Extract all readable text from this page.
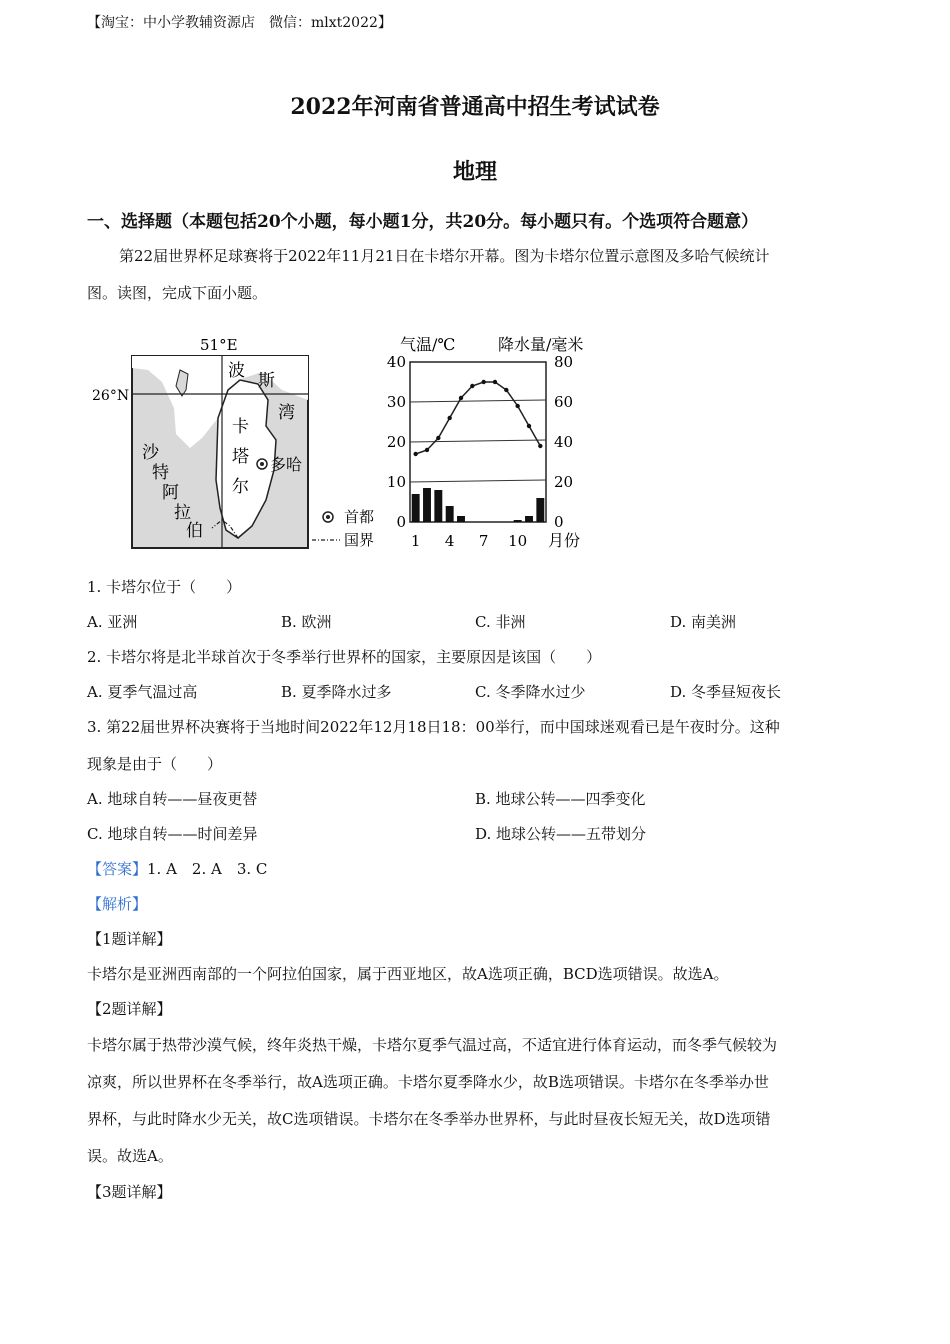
【淘宝：中小学教辅资源店　微信：mlxt2022】
2022年河南省普通高中招生考试试卷
地理
一、选择题（本题包括20个小题，每小题1分，共20分。每小题只有。个选项符合题意）
第22届世界杯足球赛将于2022年11月21日在卡塔尔开幕。图为卡塔尔位置示意图及多哈气候统计
图。读图，完成下面小题。
51°E
26°N
波 斯
湾
卡
塔
尔
沙
特
阿
拉
伯
多哈
首都
国界
气温/℃	降水量/毫米
0
10
20
30
40
0
20
40
60
80
1 4 7 10 月份
1. 卡塔尔位于（　　）
A. 亚洲	B. 欧洲	C. 非洲	D. 南美洲
2. 卡塔尔将是北半球首次于冬季举行世界杯的国家，主要原因是该国（　　）
A. 夏季气温过高	B. 夏季降水过多	C. 冬季降水过少	D. 冬季昼短夜长
3. 第22届世界杯决赛将于当地时间2022年12月18日18：00举行，而中国球迷观看已是午夜时分。这种
现象是由于（　　）
A. 地球自转——昼夜更替	B. 地球公转——四季变化
C. 地球自转——时间差异	D. 地球公转——五带划分
【答案】1. A　2. A　3. C
【解析】
【1题详解】
卡塔尔是亚洲西南部的一个阿拉伯国家，属于西亚地区，故A选项正确，BCD选项错误。故选A。
【2题详解】
卡塔尔属于热带沙漠气候，终年炎热干燥，卡塔尔夏季气温过高，不适宜进行体育运动，而冬季气候较为
凉爽，所以世界杯在冬季举行，故A选项正确。卡塔尔夏季降水少，故B选项错误。卡塔尔在冬季举办世
界杯，与此时降水少无关，故C选项错误。卡塔尔在冬季举办世界杯，与此时昼夜长短无关，故D选项错
误。故选A。
【3题详解】
